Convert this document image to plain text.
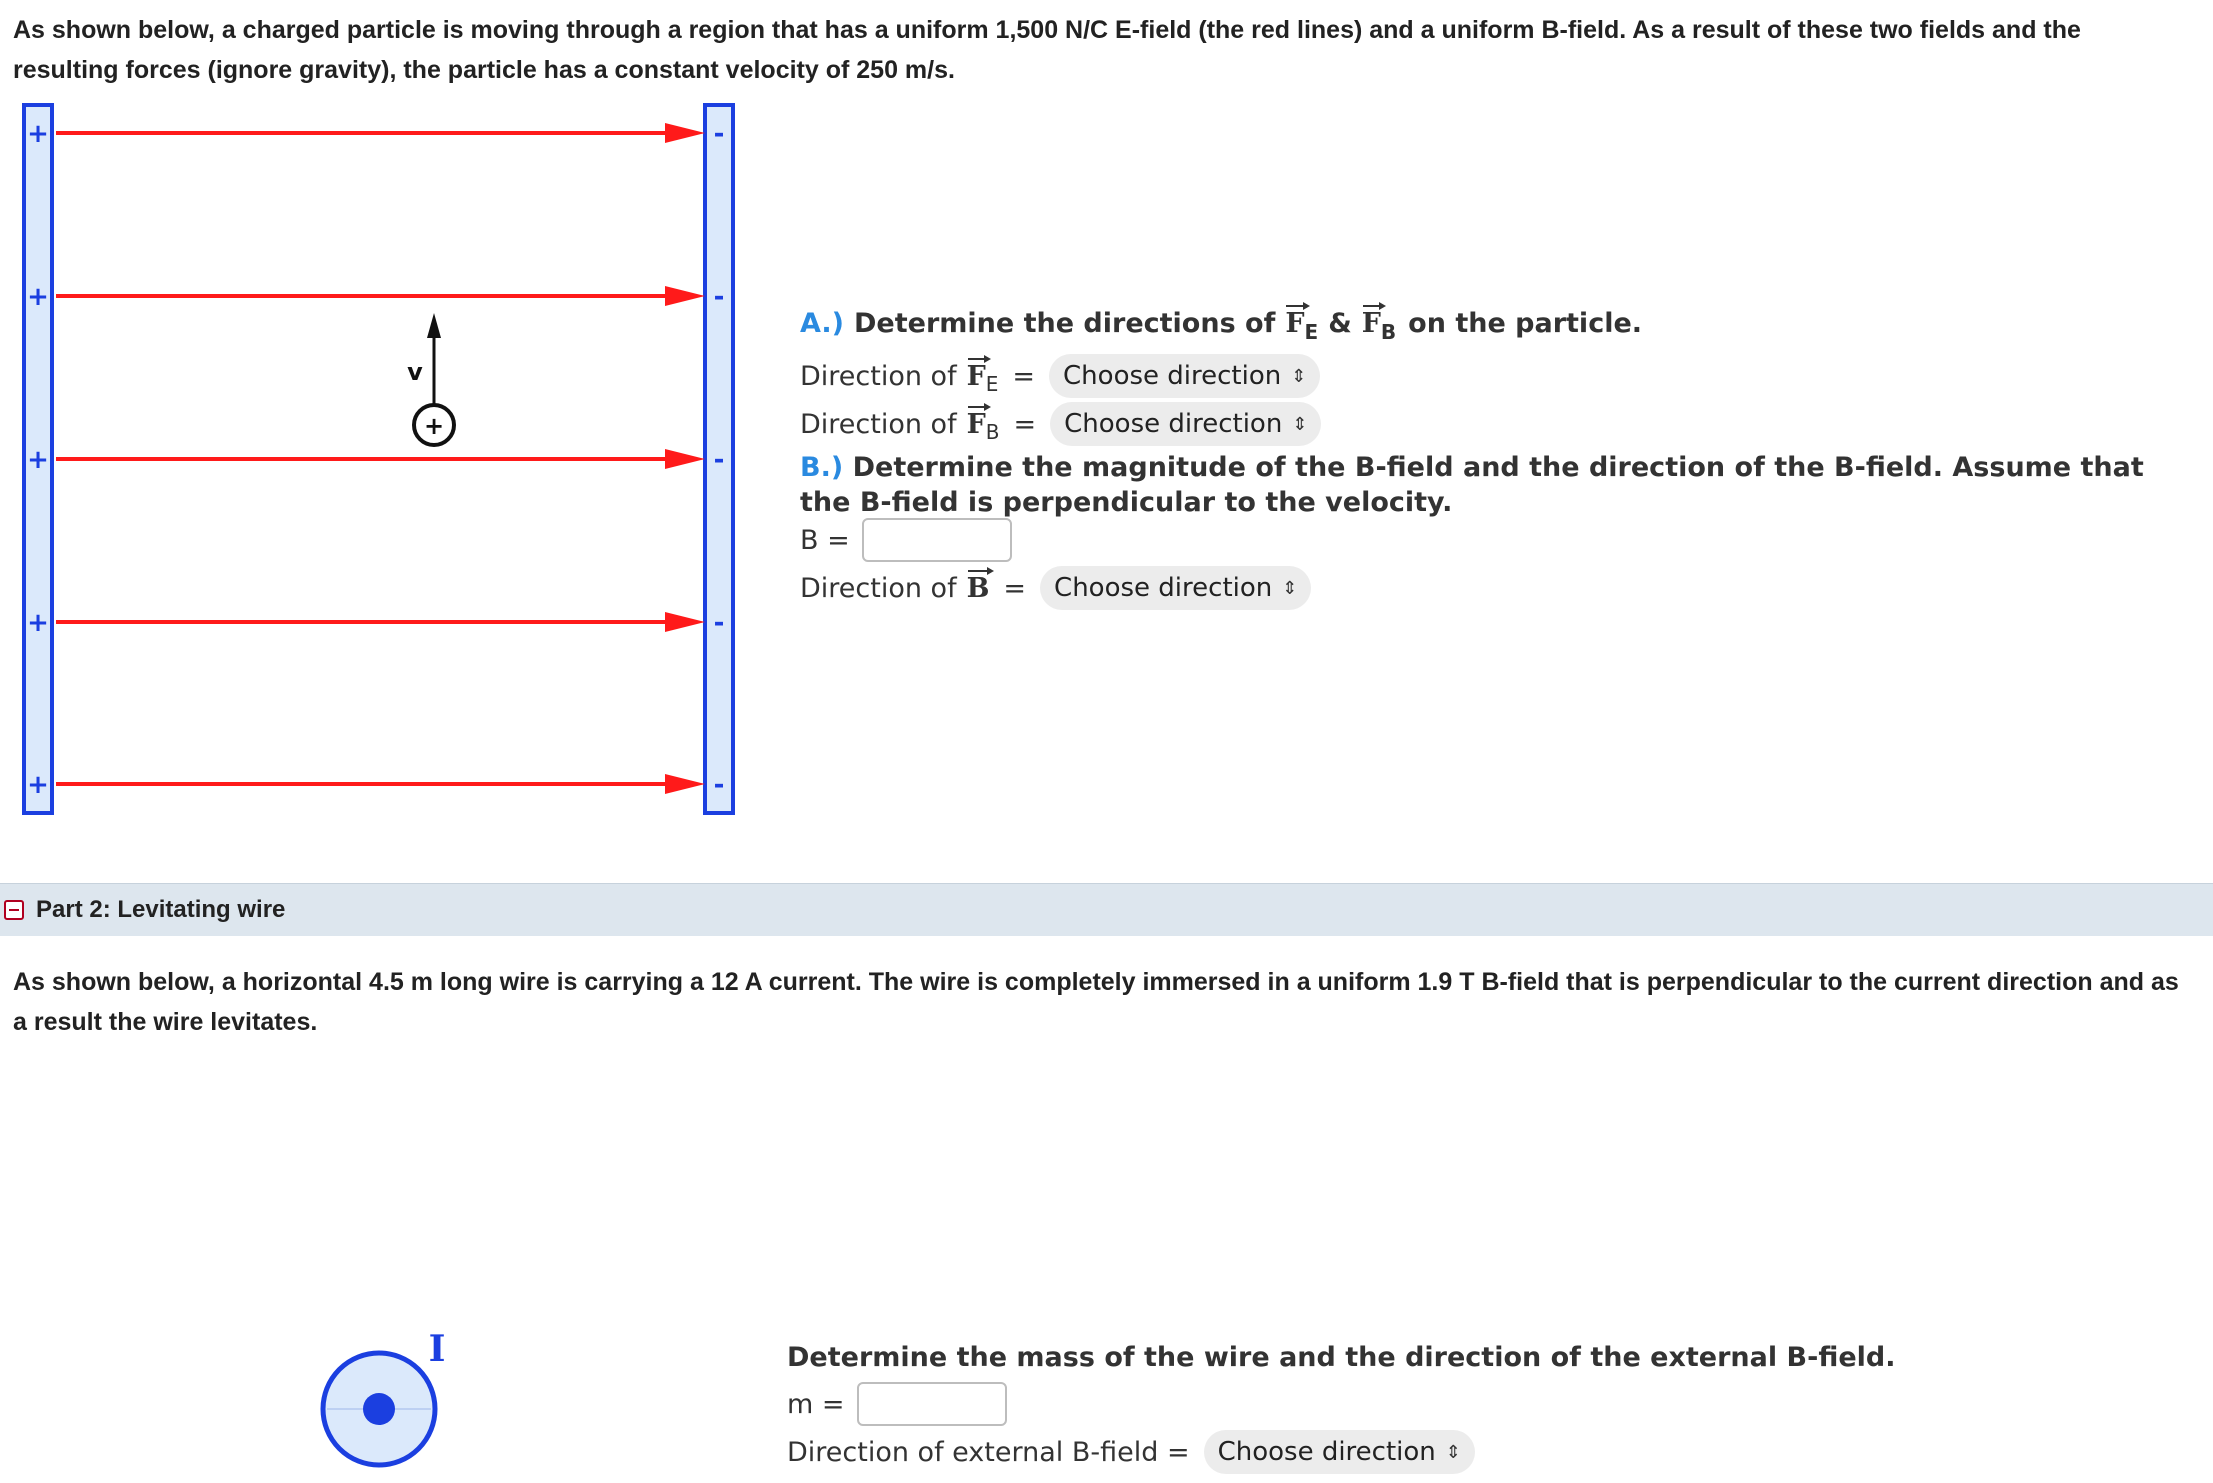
As shown below, a charged particle is moving through a region that has a uniform 1,500 N/C E-field (the red lines) and a uniform B-field. As a result of these two fields and the resulting forces (ignore gravity), the particle has a constant velocity of 250 m/s.
+
+
+
+
+
-
-
-
-
-
v
+
A.) Determine the directions of F E & F B on the particle.
Direction of F E = Choose direction ⇕
Direction of F B = Choose direction ⇕
B.) Determine the magnitude of the B-field and the direction of the B-field. Assume that the B-field is perpendicular to the velocity.
B =
Direction of B = Choose direction ⇕
Part 2: Levitating wire
As shown below, a horizontal 4.5 m long wire is carrying a 12 A current. The wire is completely immersed in a uniform 1.9 T B-field that is perpendicular to the current direction and as a result the wire levitates.
I	Determine the mass of the wire and the direction of the external B-field.
m =
Direction of external B-field = Choose direction ⇕
